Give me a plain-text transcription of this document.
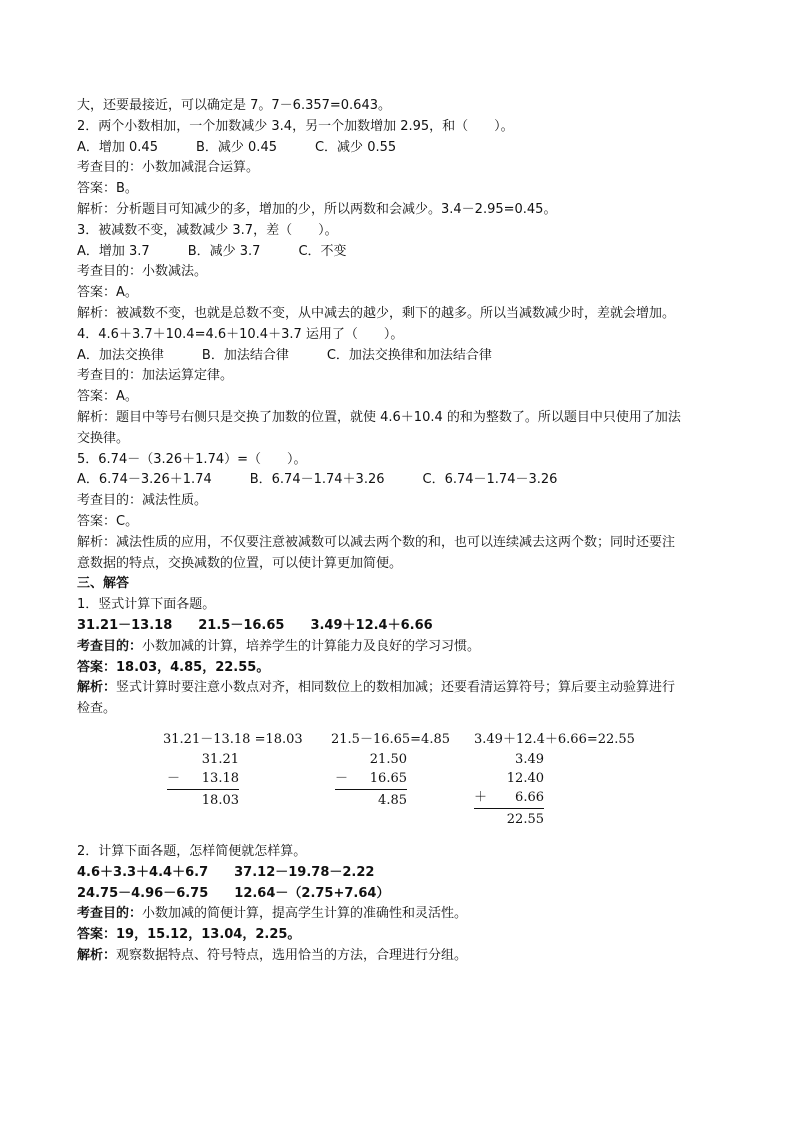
大，还要最接近，可以确定是 7。7－6.357=0.643。

2．两个小数相加，一个加数减少 3.4，另一个加数增加 2.95，和（　　）。

A．增加 0.45	B．减少 0.45	C．减少 0.55

考查目的：小数加减混合运算。

答案：B。

解析：分析题目可知减少的多，增加的少，所以两数和会减少。3.4－2.95=0.45。

3．被减数不变，减数减少 3.7，差（　　）。

A．增加 3.7	B．减少 3.7	C．不变

考查目的：小数减法。

答案：A。

解析：被减数不变，也就是总数不变，从中减去的越少，剩下的越多。所以当减数减少时，差就会增加。

4．4.6＋3.7＋10.4=4.6＋10.4＋3.7 运用了（　　）。

A．加法交换律	B．加法结合律	C．加法交换律和加法结合律

考查目的：加法运算定律。

答案：A。

解析：题目中等号右侧只是交换了加数的位置，就使 4.6＋10.4 的和为整数了。所以题目中只使用了加法

交换律。

5．6.74－（3.26＋1.74）=（　　）。

A．6.74－3.26＋1.74	B．6.74－1.74＋3.26	C．6.74－1.74－3.26

考查目的：减法性质。

答案：C。

解析：减法性质的应用，不仅要注意被减数可以减去两个数的和，也可以连续减去这两个数；同时还要注

意数据的特点，交换减数的位置，可以使计算更加简便。

三、解答

1．竖式计算下面各题。

31.21－13.18 21.5－16.65 3.49＋12.4＋6.66

考查目的：小数加减的计算，培养学生的计算能力及良好的学习习惯。

答案：18.03，4.85，22.55。

解析：竖式计算时要注意小数点对齐，相同数位上的数相加减；还要看清运算符号；算后要主动验算进行

检查。

31.21－13.18 =18.03
31.21
－ 13.18
18.03
21.5－16.65=4.85
21.50
－ 16.65
4.85
3.49＋12.4＋6.66=22.55
3.49
12.40
＋ 6.66
22.55

2．计算下面各题，怎样简便就怎样算。

4.6＋3.3＋4.4＋6.7 37.12－19.78－2.22

24.75－4.96－6.75 12.64－（2.75+7.64）

考查目的：小数加减的简便计算，提高学生计算的准确性和灵活性。

答案：19，15.12，13.04，2.25。

解析：观察数据特点、符号特点，选用恰当的方法，合理进行分组。
